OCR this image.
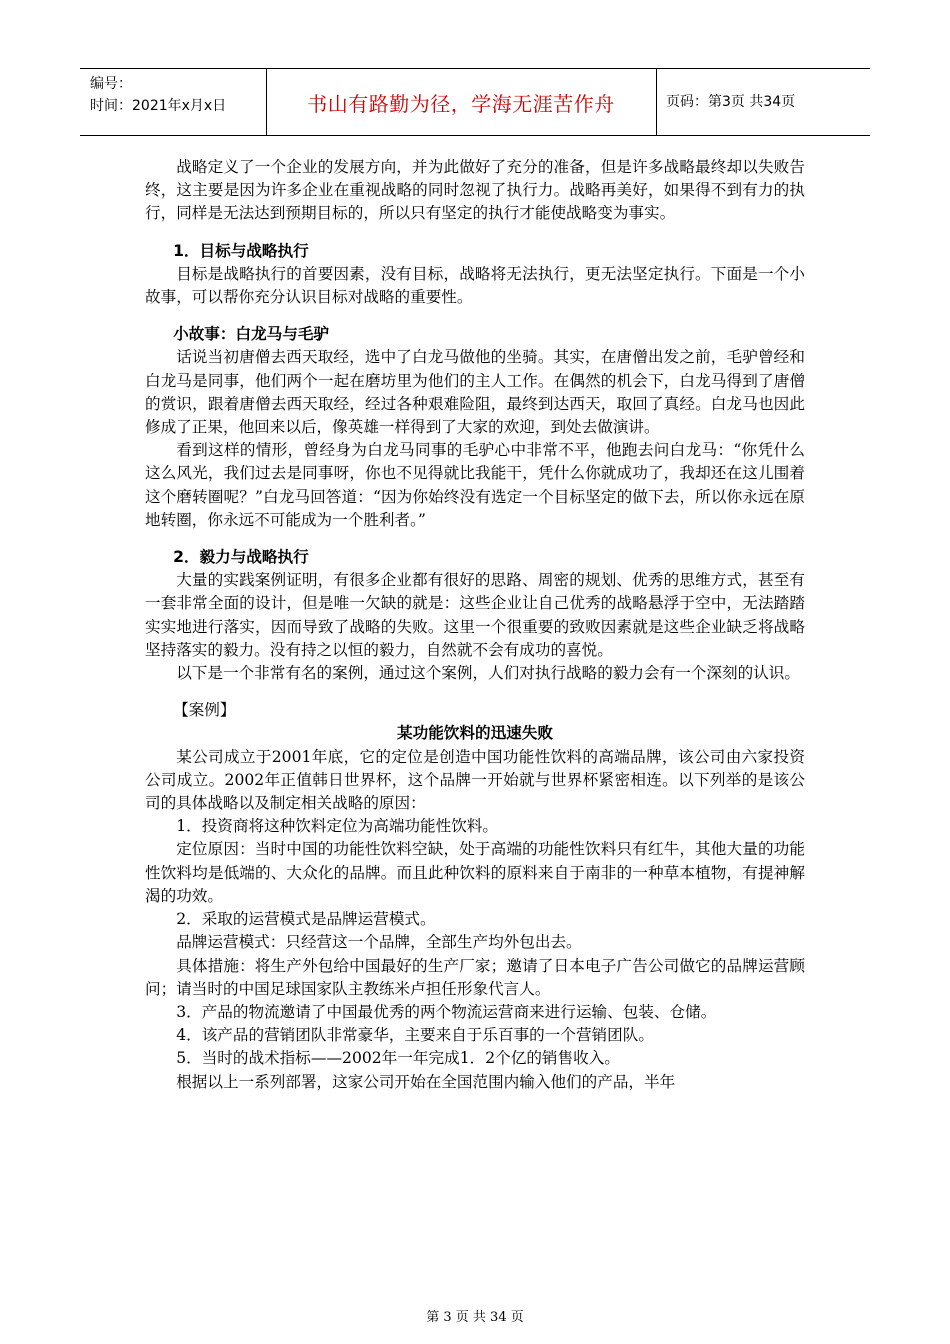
编号：
时间：2021年x月x日	书山有路勤为径，学海无涯苦作舟	页码：第3页 共34页

战略定义了一个企业的发展方向，并为此做好了充分的准备，但是许多战略最终却以失败告终，这主要是因为许多企业在重视战略的同时忽视了执行力。战略再美好，如果得不到有力的执行，同样是无法达到预期目标的，所以只有坚定的执行才能使战略变为事实。

1．目标与战略执行

目标是战略执行的首要因素，没有目标，战略将无法执行，更无法坚定执行。下面是一个小故事，可以帮你充分认识目标对战略的重要性。

小故事：白龙马与毛驴

话说当初唐僧去西天取经，选中了白龙马做他的坐骑。其实，在唐僧出发之前，毛驴曾经和白龙马是同事，他们两个一起在磨坊里为他们的主人工作。在偶然的机会下，白龙马得到了唐僧的赏识，跟着唐僧去西天取经，经过各种艰难险阻，最终到达西天，取回了真经。白龙马也因此修成了正果，他回来以后，像英雄一样得到了大家的欢迎，到处去做演讲。

看到这样的情形，曾经身为白龙马同事的毛驴心中非常不平，他跑去问白龙马：“你凭什么这么风光，我们过去是同事呀，你也不见得就比我能干，凭什么你就成功了，我却还在这儿围着这个磨转圈呢？”白龙马回答道：“因为你始终没有选定一个目标坚定的做下去，所以你永远在原地转圈，你永远不可能成为一个胜利者。”

2．毅力与战略执行

大量的实践案例证明，有很多企业都有很好的思路、周密的规划、优秀的思维方式，甚至有一套非常全面的设计，但是唯一欠缺的就是：这些企业让自己优秀的战略悬浮于空中，无法踏踏实实地进行落实，因而导致了战略的失败。这里一个很重要的致败因素就是这些企业缺乏将战略坚持落实的毅力。没有持之以恒的毅力，自然就不会有成功的喜悦。

以下是一个非常有名的案例，通过这个案例，人们对执行战略的毅力会有一个深刻的认识。

【案例】

某功能饮料的迅速失败

某公司成立于2001年底，它的定位是创造中国功能性饮料的高端品牌，该公司由六家投资公司成立。2002年正值韩日世界杯，这个品牌一开始就与世界杯紧密相连。以下列举的是该公司的具体战略以及制定相关战略的原因：

1．投资商将这种饮料定位为高端功能性饮料。

定位原因：当时中国的功能性饮料空缺，处于高端的功能性饮料只有红牛，其他大量的功能性饮料均是低端的、大众化的品牌。而且此种饮料的原料来自于南非的一种草本植物，有提神解渴的功效。

2．采取的运营模式是品牌运营模式。

品牌运营模式：只经营这一个品牌，全部生产均外包出去。

具体措施：将生产外包给中国最好的生产厂家；邀请了日本电子广告公司做它的品牌运营顾问；请当时的中国足球国家队主教练米卢担任形象代言人。

3．产品的物流邀请了中国最优秀的两个物流运营商来进行运输、包装、仓储。

4．该产品的营销团队非常豪华，主要来自于乐百事的一个营销团队。

5．当时的战术指标——2002年一年完成1．2个亿的销售收入。

根据以上一系列部署，这家公司开始在全国范围内输入他们的产品，半年

第 3 页 共 34 页
